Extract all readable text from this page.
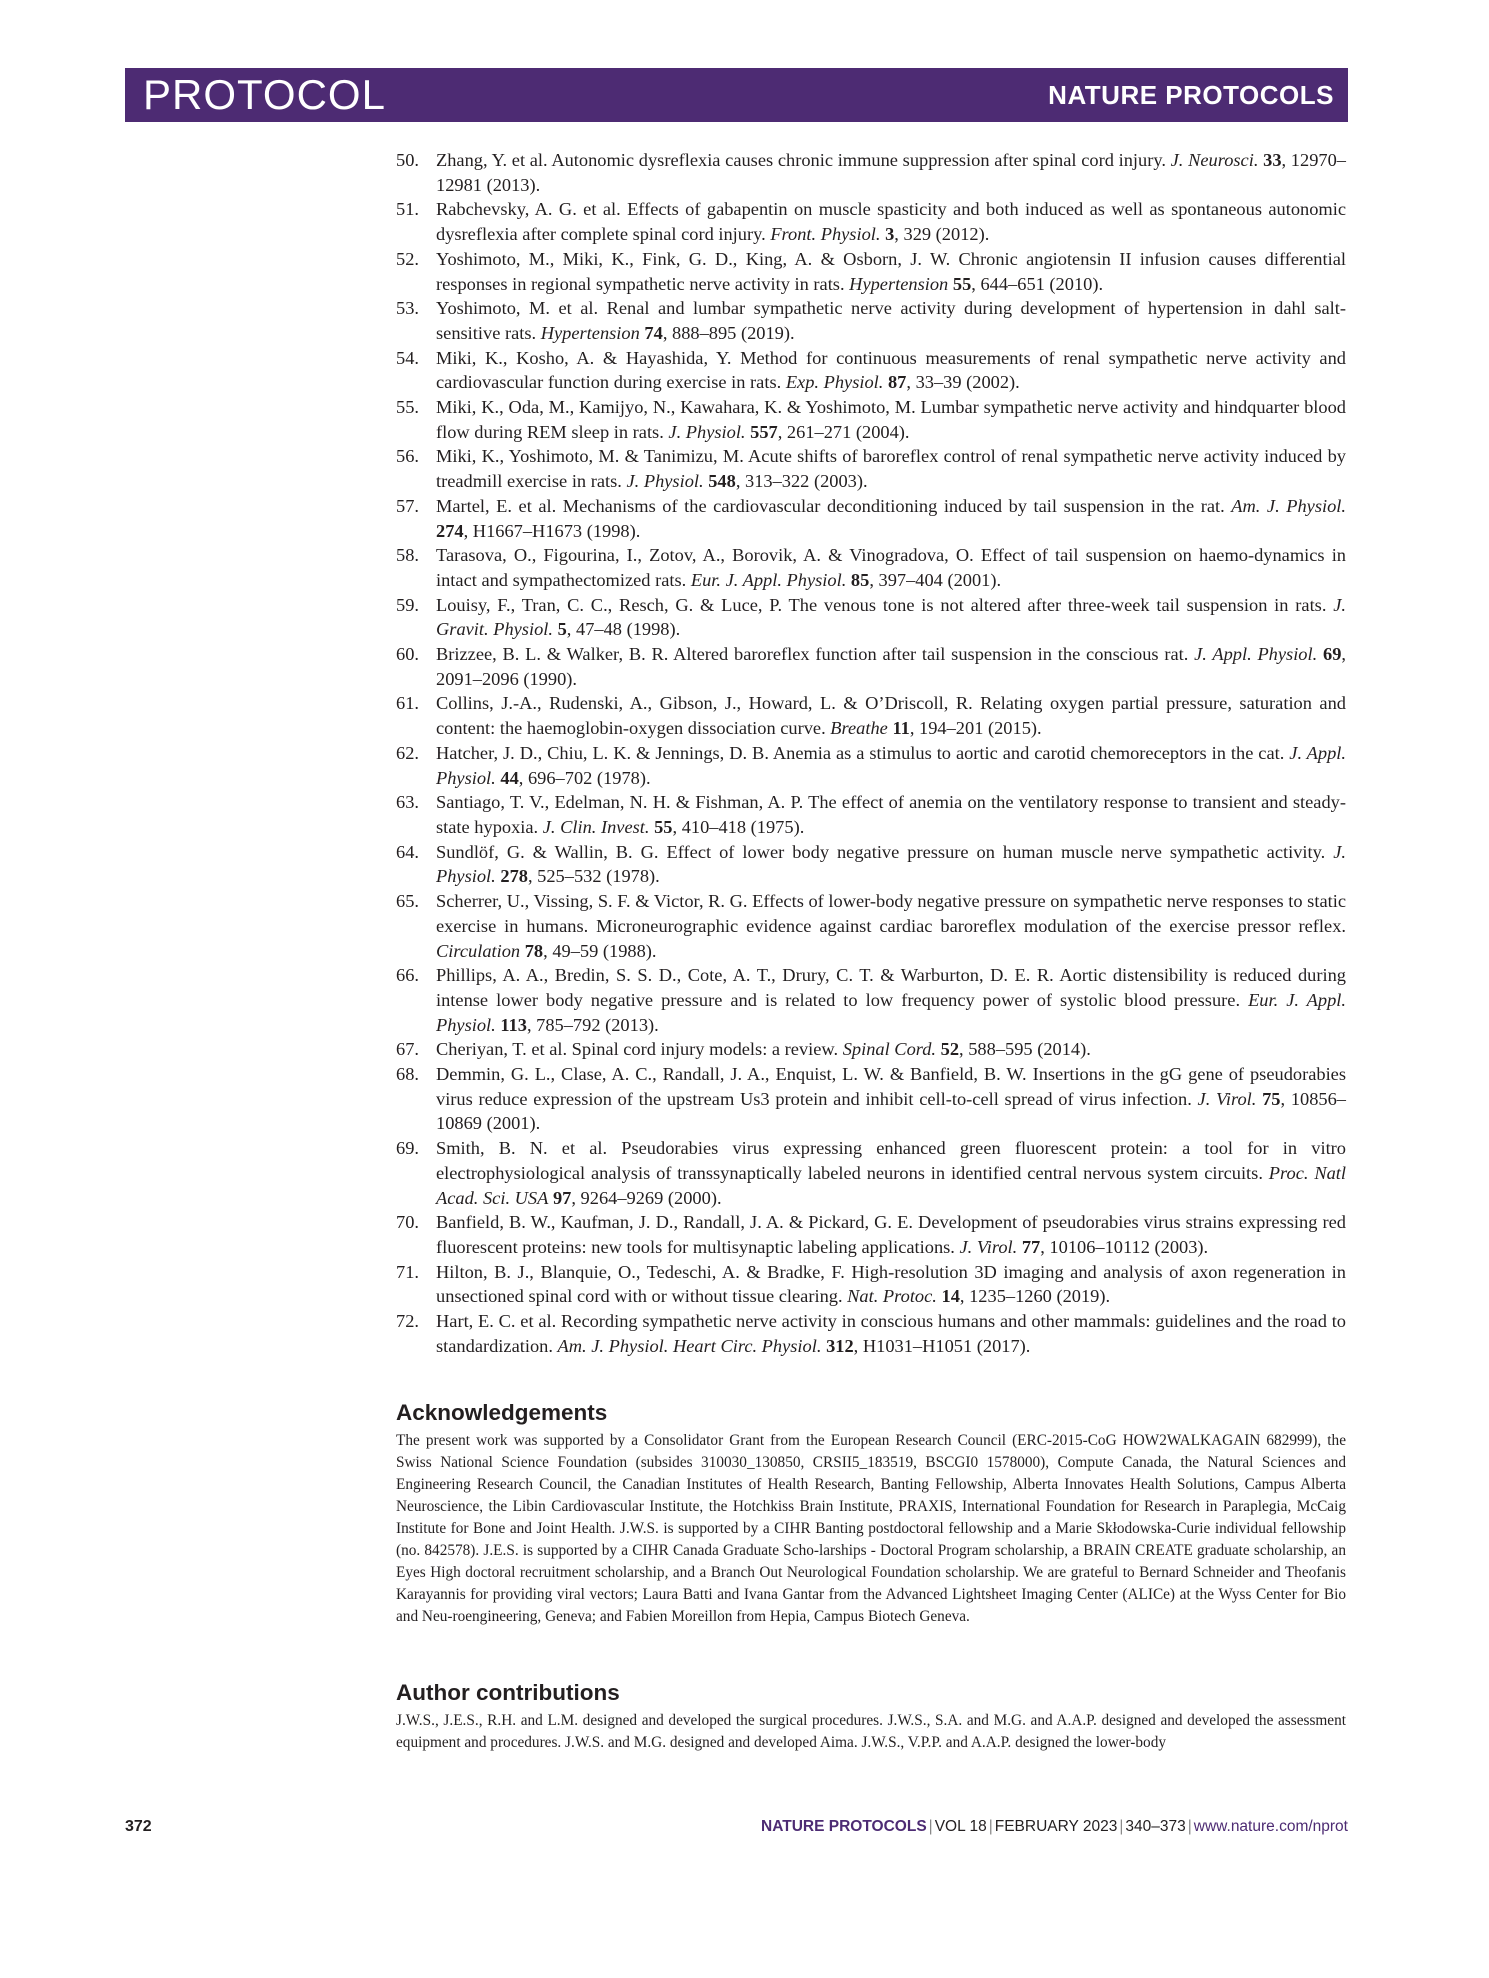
PROTOCOL	NATURE PROTOCOLS
50. Zhang, Y. et al. Autonomic dysreflexia causes chronic immune suppression after spinal cord injury. J. Neurosci. 33, 12970–12981 (2013).
51. Rabchevsky, A. G. et al. Effects of gabapentin on muscle spasticity and both induced as well as spontaneous autonomic dysreflexia after complete spinal cord injury. Front. Physiol. 3, 329 (2012).
52. Yoshimoto, M., Miki, K., Fink, G. D., King, A. & Osborn, J. W. Chronic angiotensin II infusion causes differential responses in regional sympathetic nerve activity in rats. Hypertension 55, 644–651 (2010).
53. Yoshimoto, M. et al. Renal and lumbar sympathetic nerve activity during development of hypertension in dahl salt-sensitive rats. Hypertension 74, 888–895 (2019).
54. Miki, K., Kosho, A. & Hayashida, Y. Method for continuous measurements of renal sympathetic nerve activity and cardiovascular function during exercise in rats. Exp. Physiol. 87, 33–39 (2002).
55. Miki, K., Oda, M., Kamijyo, N., Kawahara, K. & Yoshimoto, M. Lumbar sympathetic nerve activity and hindquarter blood flow during REM sleep in rats. J. Physiol. 557, 261–271 (2004).
56. Miki, K., Yoshimoto, M. & Tanimizu, M. Acute shifts of baroreflex control of renal sympathetic nerve activity induced by treadmill exercise in rats. J. Physiol. 548, 313–322 (2003).
57. Martel, E. et al. Mechanisms of the cardiovascular deconditioning induced by tail suspension in the rat. Am. J. Physiol. 274, H1667–H1673 (1998).
58. Tarasova, O., Figourina, I., Zotov, A., Borovik, A. & Vinogradova, O. Effect of tail suspension on haemo-dynamics in intact and sympathectomized rats. Eur. J. Appl. Physiol. 85, 397–404 (2001).
59. Louisy, F., Tran, C. C., Resch, G. & Luce, P. The venous tone is not altered after three-week tail suspension in rats. J. Gravit. Physiol. 5, 47–48 (1998).
60. Brizzee, B. L. & Walker, B. R. Altered baroreflex function after tail suspension in the conscious rat. J. Appl. Physiol. 69, 2091–2096 (1990).
61. Collins, J.-A., Rudenski, A., Gibson, J., Howard, L. & O’Driscoll, R. Relating oxygen partial pressure, saturation and content: the haemoglobin-oxygen dissociation curve. Breathe 11, 194–201 (2015).
62. Hatcher, J. D., Chiu, L. K. & Jennings, D. B. Anemia as a stimulus to aortic and carotid chemoreceptors in the cat. J. Appl. Physiol. 44, 696–702 (1978).
63. Santiago, T. V., Edelman, N. H. & Fishman, A. P. The effect of anemia on the ventilatory response to transient and steady-state hypoxia. J. Clin. Invest. 55, 410–418 (1975).
64. Sundlöf, G. & Wallin, B. G. Effect of lower body negative pressure on human muscle nerve sympathetic activity. J. Physiol. 278, 525–532 (1978).
65. Scherrer, U., Vissing, S. F. & Victor, R. G. Effects of lower-body negative pressure on sympathetic nerve responses to static exercise in humans. Microneurographic evidence against cardiac baroreflex modulation of the exercise pressor reflex. Circulation 78, 49–59 (1988).
66. Phillips, A. A., Bredin, S. S. D., Cote, A. T., Drury, C. T. & Warburton, D. E. R. Aortic distensibility is reduced during intense lower body negative pressure and is related to low frequency power of systolic blood pressure. Eur. J. Appl. Physiol. 113, 785–792 (2013).
67. Cheriyan, T. et al. Spinal cord injury models: a review. Spinal Cord. 52, 588–595 (2014).
68. Demmin, G. L., Clase, A. C., Randall, J. A., Enquist, L. W. & Banfield, B. W. Insertions in the gG gene of pseudorabies virus reduce expression of the upstream Us3 protein and inhibit cell-to-cell spread of virus infection. J. Virol. 75, 10856–10869 (2001).
69. Smith, B. N. et al. Pseudorabies virus expressing enhanced green fluorescent protein: a tool for in vitro electrophysiological analysis of transsynaptically labeled neurons in identified central nervous system circuits. Proc. Natl Acad. Sci. USA 97, 9264–9269 (2000).
70. Banfield, B. W., Kaufman, J. D., Randall, J. A. & Pickard, G. E. Development of pseudorabies virus strains expressing red fluorescent proteins: new tools for multisynaptic labeling applications. J. Virol. 77, 10106–10112 (2003).
71. Hilton, B. J., Blanquie, O., Tedeschi, A. & Bradke, F. High-resolution 3D imaging and analysis of axon regeneration in unsectioned spinal cord with or without tissue clearing. Nat. Protoc. 14, 1235–1260 (2019).
72. Hart, E. C. et al. Recording sympathetic nerve activity in conscious humans and other mammals: guidelines and the road to standardization. Am. J. Physiol. Heart Circ. Physiol. 312, H1031–H1051 (2017).
Acknowledgements

The present work was supported by a Consolidator Grant from the European Research Council (ERC-2015-CoG HOW2WALKAGAIN 682999), the Swiss National Science Foundation (subsides 310030_130850, CRSII5_183519, BSCGI0 1578000), Compute Canada, the Natural Sciences and Engineering Research Council, the Canadian Institutes of Health Research, Banting Fellowship, Alberta Innovates Health Solutions, Campus Alberta Neuroscience, the Libin Cardiovascular Institute, the Hotchkiss Brain Institute, PRAXIS, International Foundation for Research in Paraplegia, McCaig Institute for Bone and Joint Health. J.W.S. is supported by a CIHR Banting postdoctoral fellowship and a Marie Skłodowska-Curie individual fellowship (no. 842578). J.E.S. is supported by a CIHR Canada Graduate Scho-larships - Doctoral Program scholarship, a BRAIN CREATE graduate scholarship, an Eyes High doctoral recruitment scholarship, and a Branch Out Neurological Foundation scholarship. We are grateful to Bernard Schneider and Theofanis Karayannis for providing viral vectors; Laura Batti and Ivana Gantar from the Advanced Lightsheet Imaging Center (ALICe) at the Wyss Center for Bio and Neu-roengineering, Geneva; and Fabien Moreillon from Hepia, Campus Biotech Geneva.

Author contributions

J.W.S., J.E.S., R.H. and L.M. designed and developed the surgical procedures. J.W.S., S.A. and M.G. and A.A.P. designed and developed the assessment equipment and procedures. J.W.S. and M.G. designed and developed Aima. J.W.S., V.P.P. and A.A.P. designed the lower-body

372	NATURE PROTOCOLS | VOL 18 | FEBRUARY 2023 | 340–373 | www.nature.com/nprot
